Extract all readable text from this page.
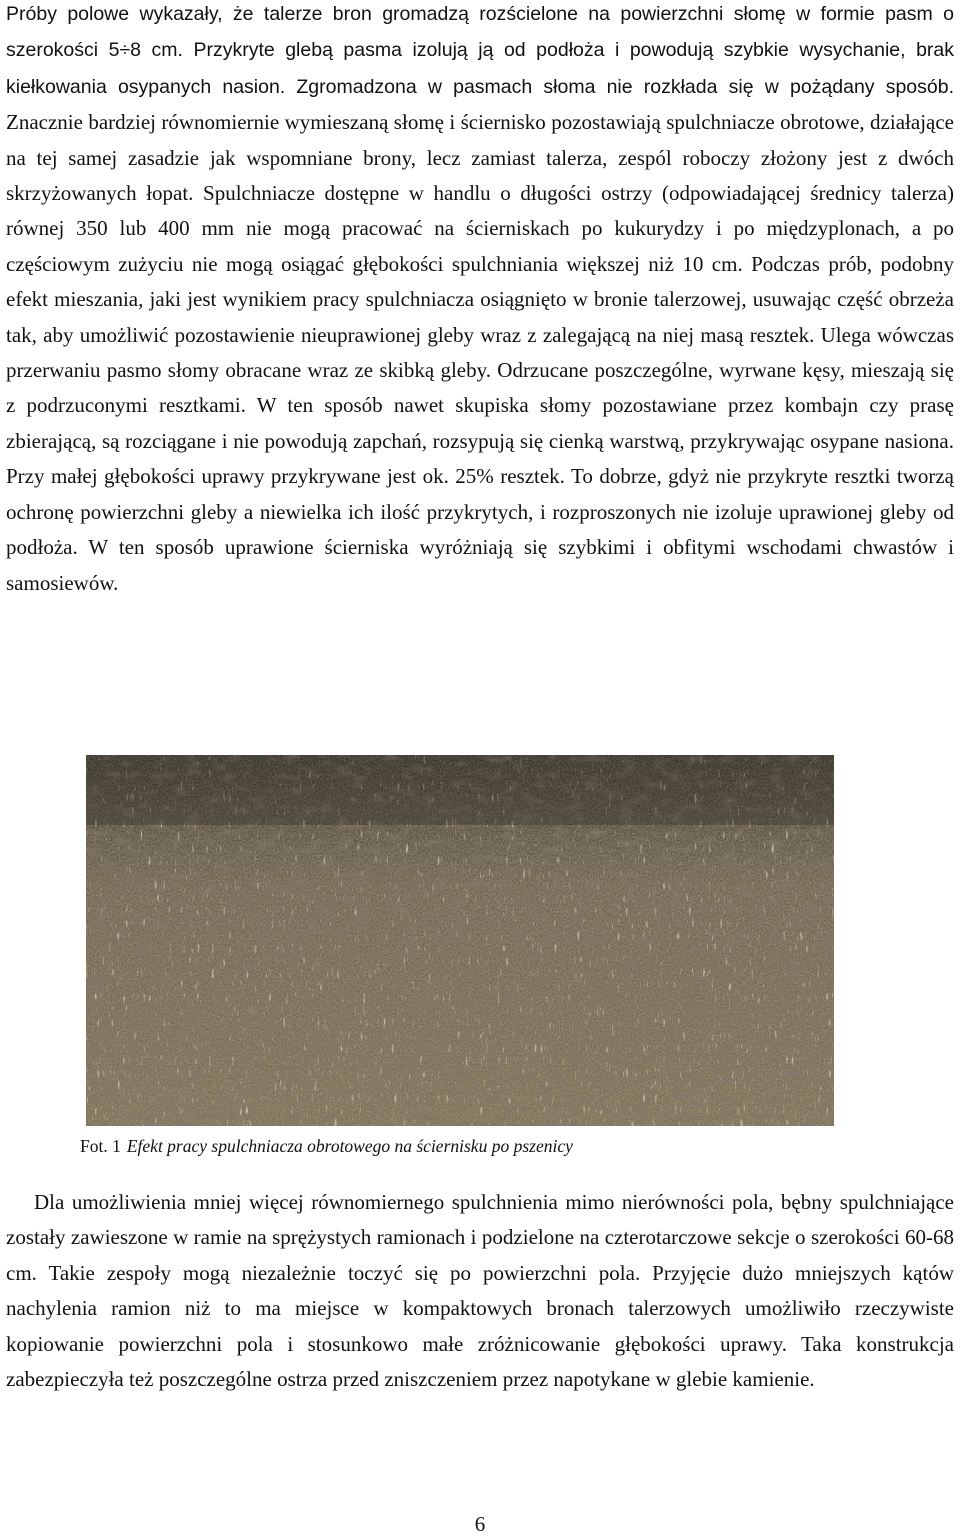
Próby polowe wykazały, że talerze bron gromadzą rozścielone na powierzchni słomę w formie pasm o szerokości 5÷8 cm. Przykryte glebą pasma izolują ją od podłoża i powodują szybkie wysychanie, brak kiełkowania osypanych nasion. Zgromadzona w pasmach słoma nie rozkłada się w pożądany sposób. Znacznie bardziej równomiernie wymieszaną słomę i ściernisko pozostawiają spulchniacze obrotowe, działające na tej samej zasadzie jak wspomniane brony, lecz zamiast talerza, zespól roboczy złożony jest z dwóch skrzyżowanych łopat. Spulchniacze dostępne w handlu o długości ostrzy (odpowiadającej średnicy talerza) równej 350 lub 400 mm nie mogą pracować na ścierniskach po kukurydzy i po międzyplonach, a po częściowym zużyciu nie mogą osiągać głębokości spulchniania większej niż 10 cm. Podczas prób, podobny efekt mieszania, jaki jest wynikiem pracy spulchniacza osiągnięto w bronie talerzowej, usuwając część obrzeża tak, aby umożliwić pozostawienie nieuprawionej gleby wraz z zalegającą na niej masą resztek. Ulega wówczas przerwaniu pasmo słomy obracane wraz ze skibką gleby. Odrzucane poszczególne, wyrwane kęsy, mieszają się z podrzuconymi resztkami. W ten sposób nawet skupiska słomy pozostawiane przez kombajn czy prasę zbierającą, są rozciągane i nie powodują zapchań, rozsypują się cienką warstwą, przykrywając osypane nasiona. Przy małej głębokości uprawy przykrywane jest ok. 25% resztek. To dobrze, gdyż nie przykryte resztki tworzą ochronę powierzchni gleby a niewielka ich ilość przykrytych, i rozproszonych nie izoluje uprawionej gleby od podłoża. W ten sposób uprawione ścierniska wyróżniają się szybkimi i obfitymi wschodami chwastów i samosiewów.

Fot. 1 Efekt pracy spulchniacza obrotowego na ściernisku po pszenicy

Dla umożliwienia mniej więcej równomiernego spulchnienia mimo nierówności pola, bębny spulchniające zostały zawieszone w ramie na sprężystych ramionach i podzielone na czterotarczowe sekcje o szerokości 60-68 cm. Takie zespoły mogą niezależnie toczyć się po powierzchni pola. Przyjęcie dużo mniejszych kątów nachylenia ramion niż to ma miejsce w kompaktowych bronach talerzowych umożliwiło rzeczywiste kopiowanie powierzchni pola i stosunkowo małe zróżnicowanie głębokości uprawy. Taka konstrukcja zabezpieczyła też poszczególne ostrza przed zniszczeniem przez napotykane w glebie kamienie.

6
